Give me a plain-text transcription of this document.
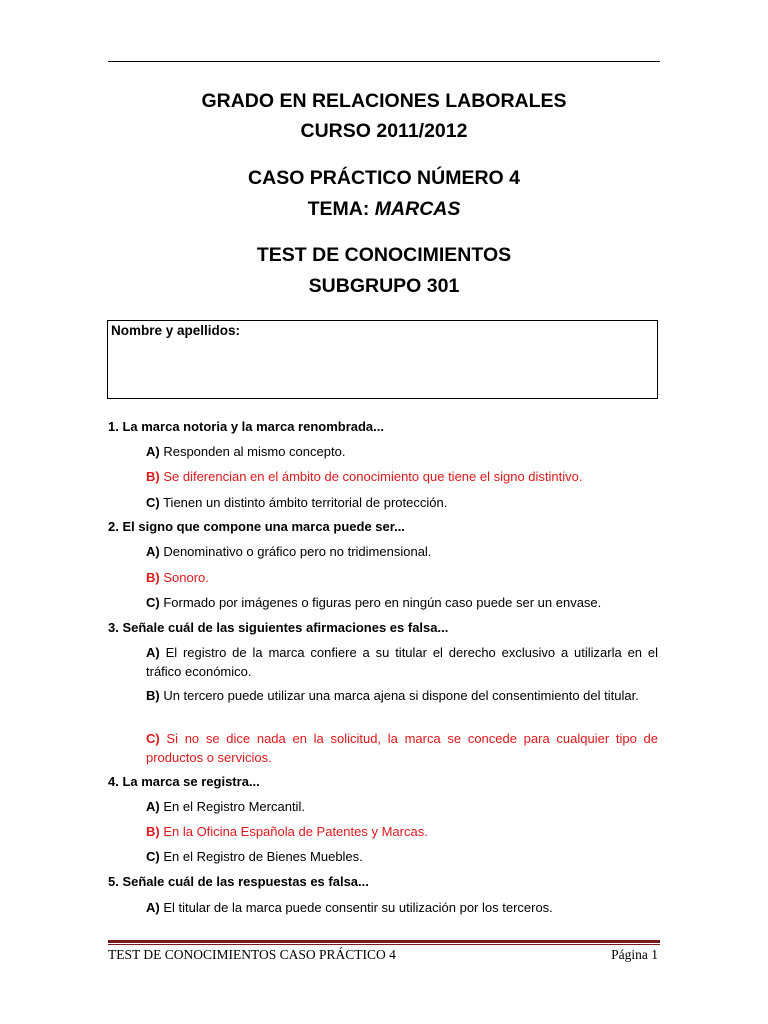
GRADO EN RELACIONES LABORALES
CURSO 2011/2012
CASO PRÁCTICO NÚMERO 4
TEMA: MARCAS
TEST DE CONOCIMIENTOS
SUBGRUPO 301
Nombre y apellidos:
1. La marca notoria y la marca renombrada...
A) Responden al mismo concepto.
B) Se diferencian en el ámbito de conocimiento que tiene el signo distintivo.
C) Tienen un distinto ámbito territorial de protección.
2. El signo que compone una marca puede ser...
A) Denominativo o gráfico pero no tridimensional.
B) Sonoro.
C) Formado por imágenes o figuras pero en ningún caso puede ser un envase.
3. Señale cuál de las siguientes afirmaciones es falsa...
A) El registro de la marca confiere a su titular el derecho exclusivo a utilizarla en el tráfico económico.
B) Un tercero puede utilizar una marca ajena si dispone del consentimiento del titular.
C) Si no se dice nada en la solicitud, la marca se concede para cualquier tipo de productos o servicios.
4. La marca se registra...
A) En el Registro Mercantil.
B) En la Oficina Española de Patentes y Marcas.
C) En el Registro de Bienes Muebles.
5. Señale cuál de las respuestas es falsa...
A) El titular de la marca puede consentir su utilización por los terceros.
TEST DE CONOCIMIENTOS CASO PRÁCTICO 4	Página 1
